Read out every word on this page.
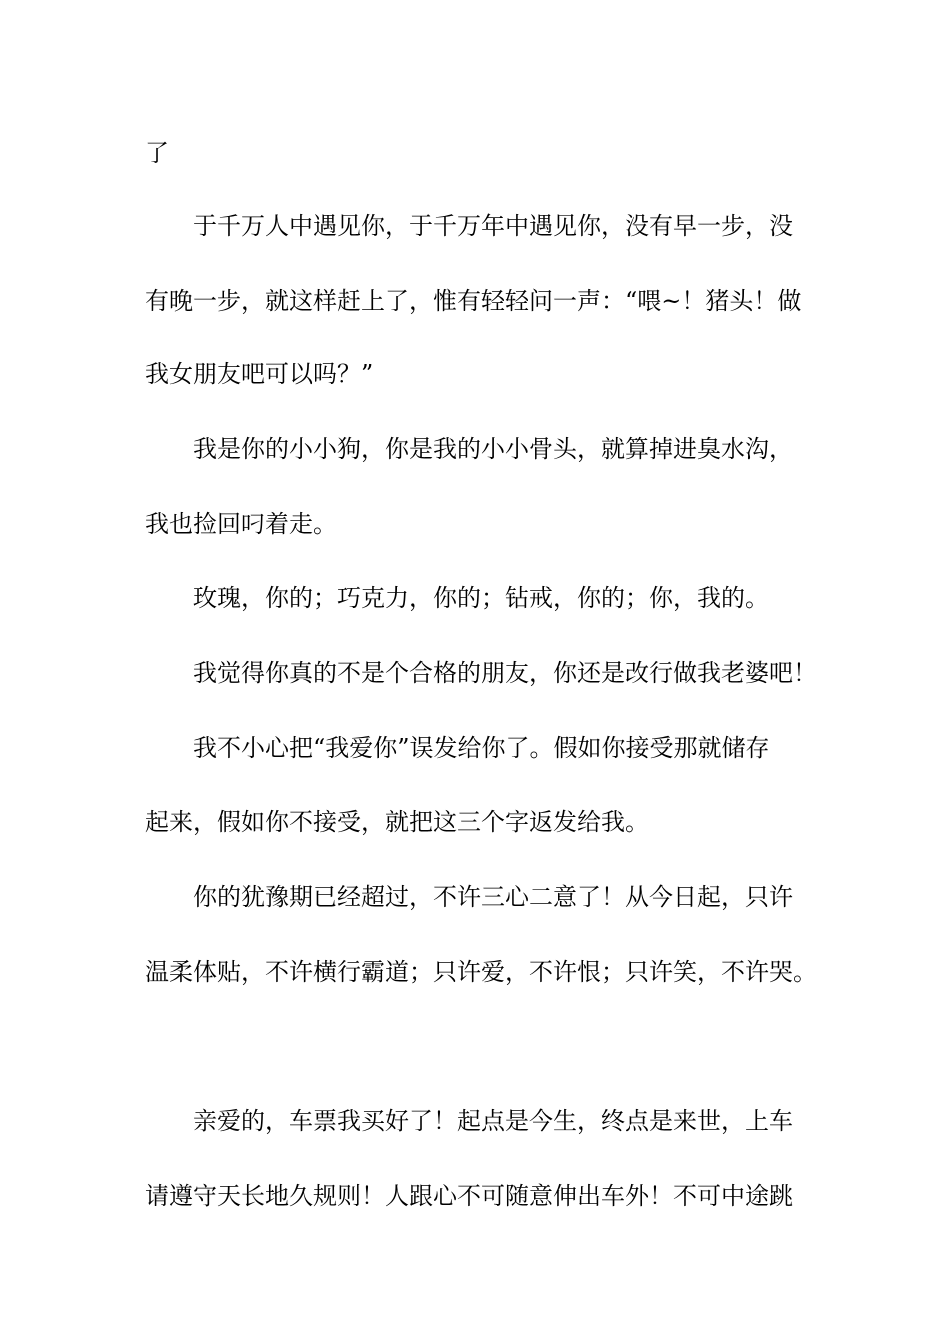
了

于千万人中遇见你，于千万年中遇见你，没有早一步，没

有晚一步，就这样赶上了，惟有轻轻问一声：“喂~！猪头！做

我女朋友吧可以吗？”

我是你的小小狗，你是我的小小骨头，就算掉进臭水沟，

我也捡回叼着走。

玫瑰，你的；巧克力，你的；钻戒，你的；你，我的。

我觉得你真的不是个合格的朋友，你还是改行做我老婆吧！

我不小心把“我爱你”误发给你了。假如你接受那就储存

起来，假如你不接受，就把这三个字返发给我。

你的犹豫期已经超过，不许三心二意了！从今日起，只许

温柔体贴，不许横行霸道；只许爱，不许恨；只许笑，不许哭。

亲爱的，车票我买好了！起点是今生，终点是来世，上车

请遵守天长地久规则！人跟心不可随意伸出车外！不可中途跳
